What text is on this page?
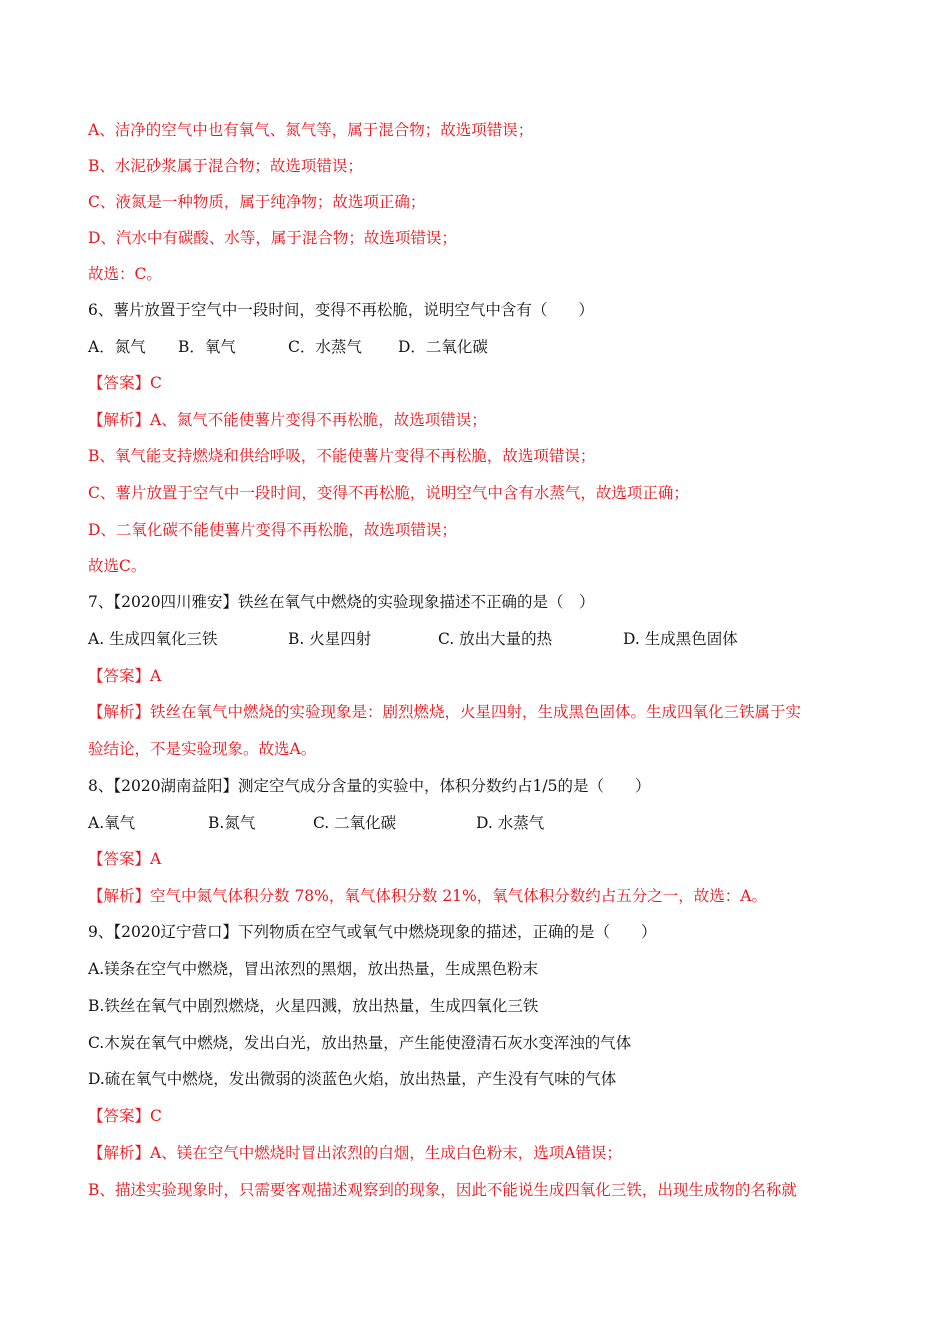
A、洁净的空气中也有氧气、氮气等，属于混合物；故选项错误；
B、水泥砂浆属于混合物；故选项错误；
C、液氮是一种物质，属于纯净物；故选项正确；
D、汽水中有碳酸、水等，属于混合物；故选项错误；
故选：C。
6、薯片放置于空气中一段时间，变得不再松脆，说明空气中含有（　　）
A．氮气 B．氧气	C．水蒸气 D．二氧化碳
【答案】C
【解析】A、氮气不能使薯片变得不再松脆，故选项错误；
B、氧气能支持燃烧和供给呼吸，不能使薯片变得不再松脆，故选项错误；
C、薯片放置于空气中一段时间，变得不再松脆，说明空气中含有水蒸气，故选项正确；
D、二氧化碳不能使薯片变得不再松脆，故选项错误；
故选C。
7、【2020四川雅安】铁丝在氧气中燃烧的实验现象描述不正确的是（　）
A. 生成四氧化三铁	B. 火星四射	C. 放出大量的热	D. 生成黑色固体
【答案】A
【解析】铁丝在氧气中燃烧的实验现象是：剧烈燃烧，火星四射，生成黑色固体。生成四氧化三铁属于实
验结论，不是实验现象。故选A。
8、【2020湖南益阳】测定空气成分含量的实验中，体积分数约占1/5的是（　　）
A.氧气	B.氮气	C. 二氧化碳	D. 水蒸气
【答案】A
【解析】空气中氮气体积分数 78%，氧气体积分数 21%，氧气体积分数约占五分之一，故选：A。
9、【2020辽宁营口】下列物质在空气或氧气中燃烧现象的描述，正确的是（　　）
A.镁条在空气中燃烧，冒出浓烈的黑烟，放出热量，生成黑色粉末
B.铁丝在氧气中剧烈燃烧，火星四溅，放出热量，生成四氧化三铁
C.木炭在氧气中燃烧，发出白光，放出热量，产生能使澄清石灰水变浑浊的气体
D.硫在氧气中燃烧，发出微弱的淡蓝色火焰，放出热量，产生没有气味的气体
【答案】C
【解析】A、镁在空气中燃烧时冒出浓烈的白烟，生成白色粉末，选项A错误；
B、描述实验现象时，只需要客观描述观察到的现象，因此不能说生成四氧化三铁，出现生成物的名称就
